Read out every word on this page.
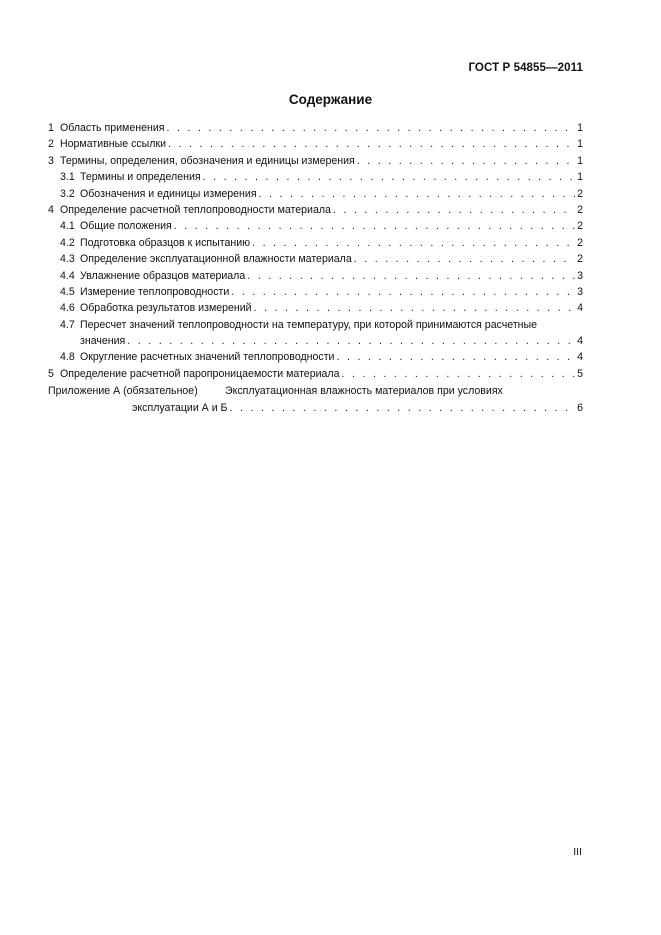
ГОСТ Р 54855—2011
Содержание
1 Область применения . . .	1
2 Нормативные ссылки . . .	1
3 Термины, определения, обозначения и единицы измерения . . .	1
3.1 Термины и определения . . .	1
3.2 Обозначения и единицы измерения . . .	2
4 Определение расчетной теплопроводности материала . . .	2
4.1 Общие положения . . .	2
4.2 Подготовка образцов к испытанию . . .	2
4.3 Определение эксплуатационной влажности материала . . .	2
4.4 Увлажнение образцов материала . . .	3
4.5 Измерение теплопроводности . . .	3
4.6 Обработка результатов измерений . . .	4
4.7 Пересчет значений теплопроводности на температуру, при которой принимаются расчетные
значения . . .	4
4.8 Округление расчетных значений теплопроводности . . .	4
5 Определение расчетной паропроницаемости материала . . .	5
Приложение А (обязательное)	Эксплуатационная влажность материалов при условиях
эксплуатации А и Б . . .	6
III
